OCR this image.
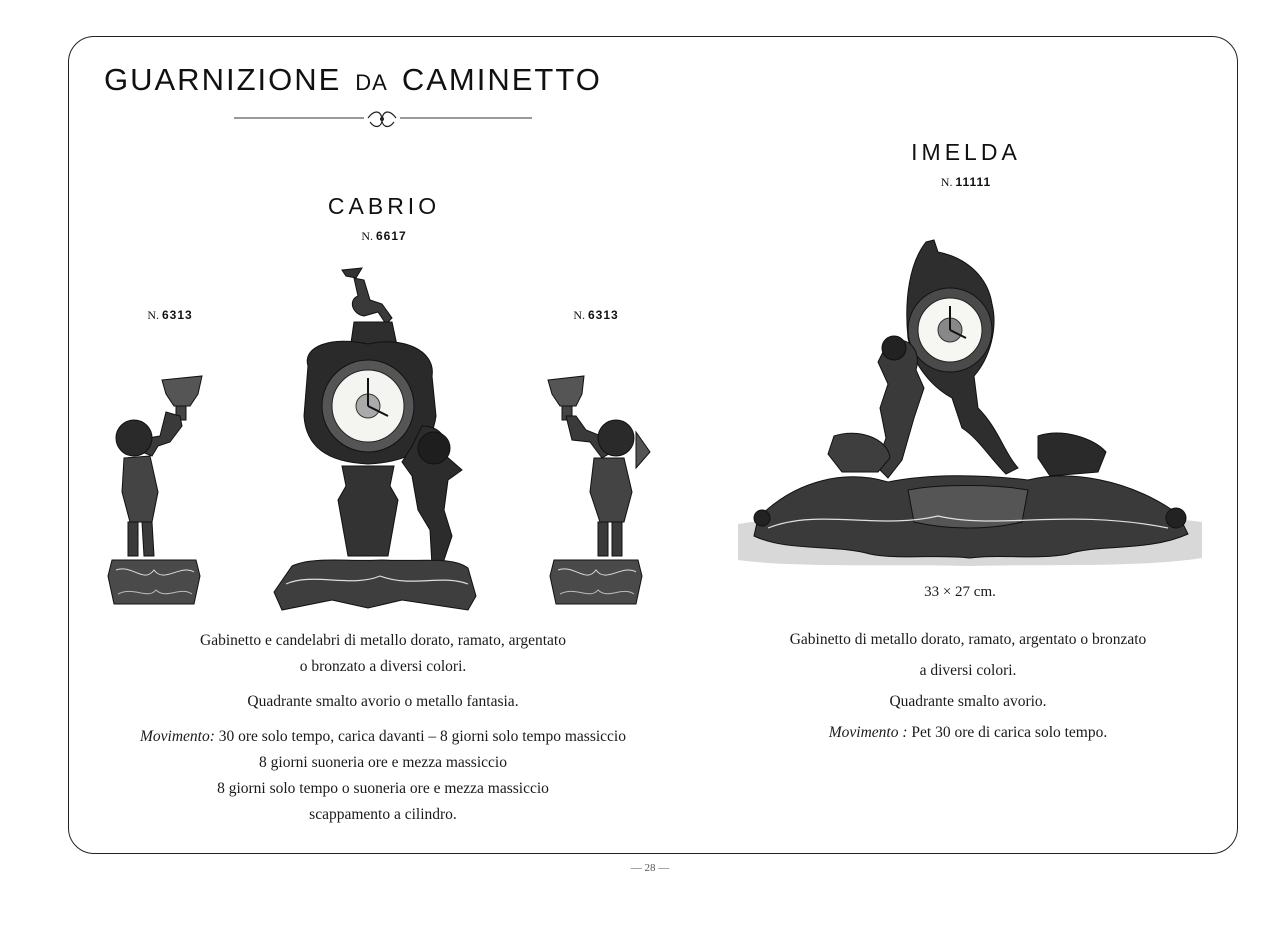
GUARNIZIONE DA CAMINETTO
CABRIO
N. 6617
N. 6313	N. 6313

Gabinetto e candelabri di metallo dorato, ramato, argentato

o bronzato a diversi colori.

Quadrante smalto avorio o metallo fantasia.

Movimento: 30 ore solo tempo, carica davanti – 8 giorni solo tempo massiccio

8 giorni suoneria ore e mezza massiccio

8 giorni solo tempo o suoneria ore e mezza massiccio

scappamento a cilindro.

IMELDA
N. 11111
33 × 27 cm.

Gabinetto di metallo dorato, ramato, argentato o bronzato

a diversi colori.

Quadrante smalto avorio.

Movimento : Pet 30 ore di carica solo tempo.

— 28 —
